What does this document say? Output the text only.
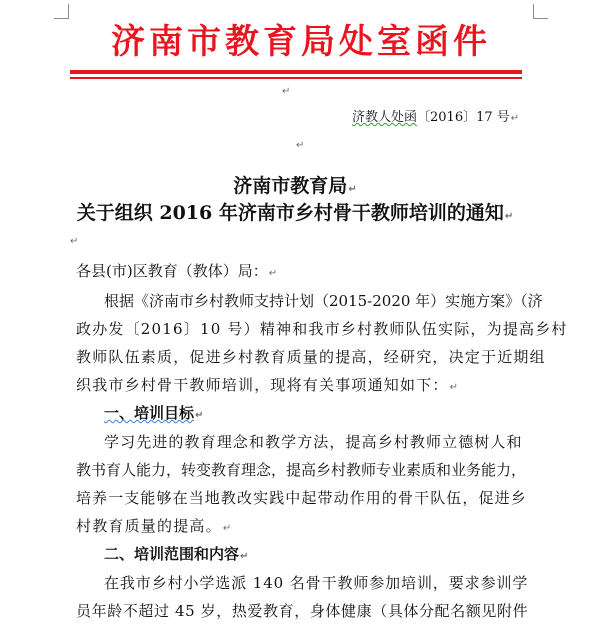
济南市教育局处室函件
↵
济教人处函〔2016〕17 号↵
↵
济南市教育局↵
关于组织 2016 年济南市乡村骨干教师培训的通知↵
↵
各县(市)区教育（教体）局：↵
根据《济南市乡村教师支持计划（2015-2020 年）实施方案》（济
政办发〔2016〕10 号）精神和我市乡村教师队伍实际，为提高乡村
教师队伍素质，促进乡村教育质量的提高，经研究，决定于近期组
织我市乡村骨干教师培训，现将有关事项通知如下：↵
一、培训目标↵
学习先进的教育理念和教学方法，提高乡村教师立德树人和
教书育人能力，转变教育理念，提高乡村教师专业素质和业务能力，
培养一支能够在当地教改实践中起带动作用的骨干队伍，促进乡
村教育质量的提高。↵
二、培训范围和内容↵
在我市乡村小学选派 140 名骨干教师参加培训，要求参训学
员年龄不超过 45 岁，热爱教育，身体健康（具体分配名额见附件
